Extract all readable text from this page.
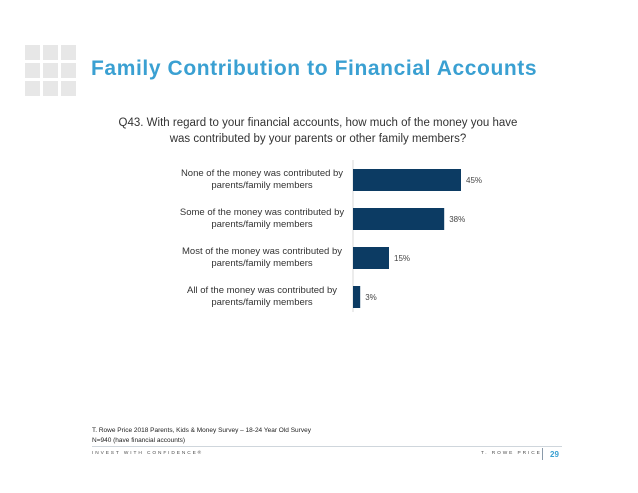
Family Contribution to Financial Accounts
Q43. With regard to your financial accounts, how much of the money you have was contributed by your parents or other family members?
45%
None of the money was contributed by
parents/family members
38%
Some of the money was contributed by
parents/family members
15%
Most of the money was contributed by
parents/family members
3%
All of the money was contributed by
parents/family members
T. Rowe Price 2018 Parents, Kids & Money Survey – 18-24 Year Old Survey
N=940 (have financial accounts)
INVEST WITH CONFIDENCE®	T. ROWE PRICE 29
